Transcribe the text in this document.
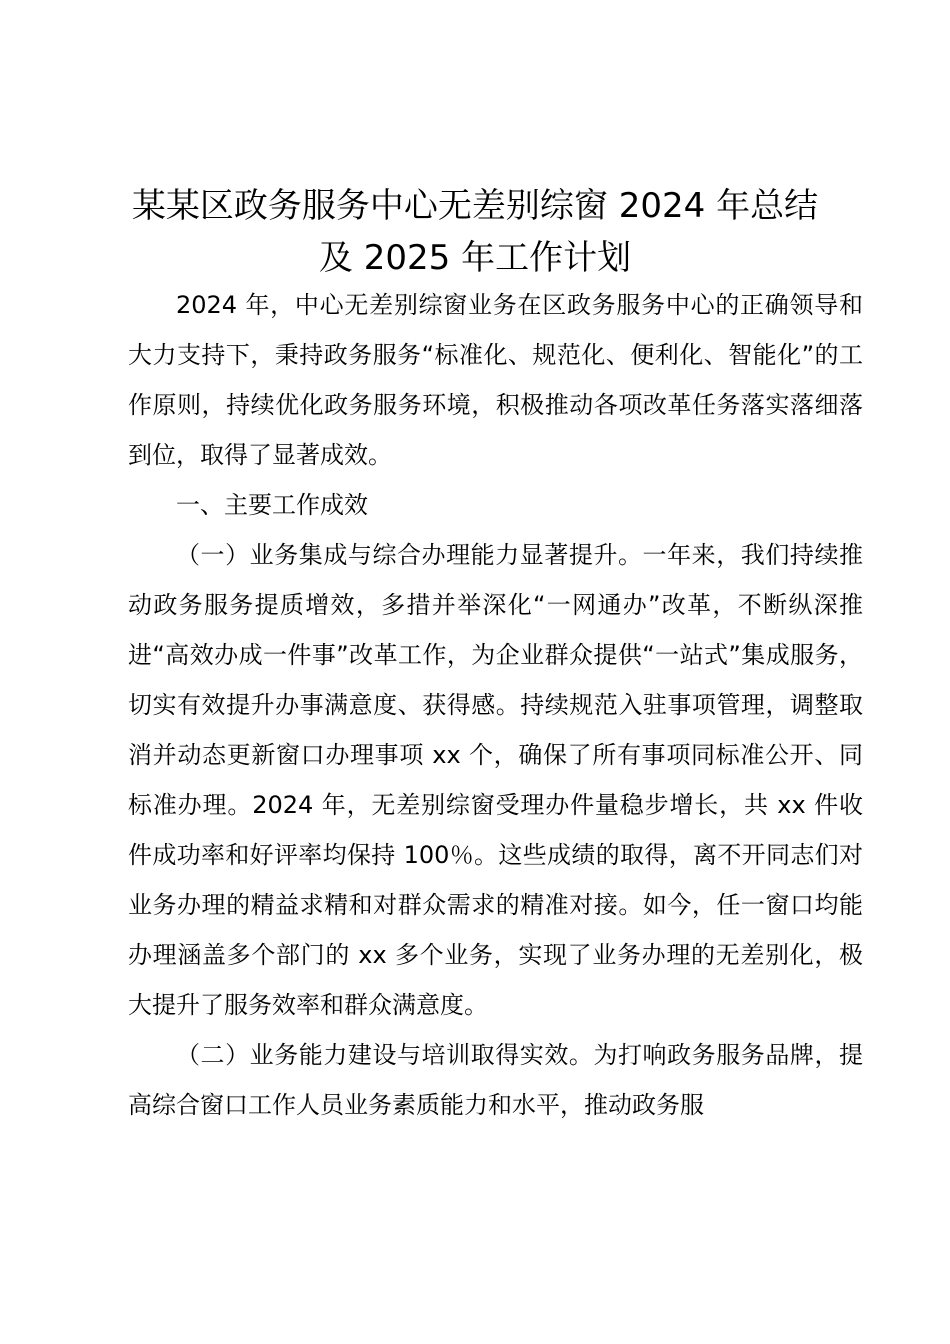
某某区政务服务中心无差别综窗 2024 年总结
及 2025 年工作计划

2024 年，中心无差别综窗业务在区政务服务中心的正确领导和大力支持下，秉持政务服务“标准化、规范化、便利化、智能化”的工作原则，持续优化政务服务环境，积极推动各项改革任务落实落细落到位，取得了显著成效。

一、主要工作成效

（一）业务集成与综合办理能力显著提升。一年来，我们持续推动政务服务提质增效，多措并举深化“一网通办”改革，不断纵深推进“高效办成一件事”改革工作，为企业群众提供“一站式”集成服务，切实有效提升办事满意度、获得感。持续规范入驻事项管理，调整取消并动态更新窗口办理事项 xx 个，确保了所有事项同标准公开、同标准办理。2024 年，无差别综窗受理办件量稳步增长，共 xx 件收件成功率和好评率均保持 100％。这些成绩的取得，离不开同志们对业务办理的精益求精和对群众需求的精准对接。如今，任一窗口均能办理涵盖多个部门的 xx 多个业务，实现了业务办理的无差别化，极大提升了服务效率和群众满意度。

（二）业务能力建设与培训取得实效。为打响政务服务品牌，提高综合窗口工作人员业务素质能力和水平，推动政务服
